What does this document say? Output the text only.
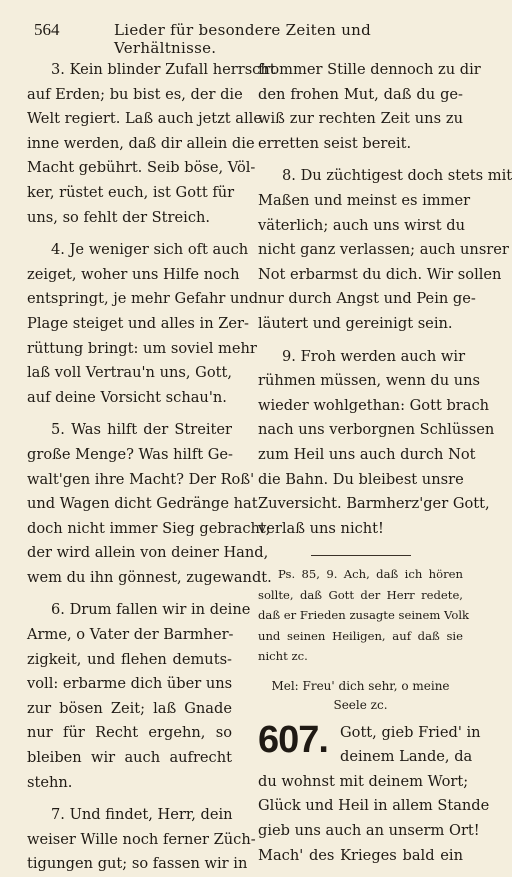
564	Lieder für besondere Zeiten und Verhältnisse.
3. Kein blinder Zufall herrscht
auf Erden; bu bist es, der die
Welt regiert. Laß auch jetzt alle
inne werden, daß dir allein die
Macht gebührt. Seib böse, Völ-
ker, rüstet euch, ist Gott für
uns, so fehlt der Streich.
4. Je weniger sich oft auch
zeiget, woher uns Hilfe noch
entspringt, je mehr Gefahr und
Plage steiget und alles in Zer-
rüttung bringt: um soviel mehr
laß voll Vertrau'n uns, Gott,
auf deine Vorsicht schau'n.
5. Was hilft der Streiter
große Menge? Was hilft Ge-
walt'gen ihre Macht? Der Roß'
und Wagen dicht Gedränge hat
doch nicht immer Sieg gebracht;
der wird allein von deiner Hand,
wem du ihn gönnest, zugewandt.
6. Drum fallen wir in deine
Arme, o Vater der Barmher-
zigkeit, und flehen demuts-
voll: erbarme dich über uns
zur bösen Zeit; laß Gnade
nur für Recht ergehn, so
bleiben wir auch aufrecht
stehn.
7. Und findet, Herr, dein
weiser Wille noch ferner Züch-
tigungen gut; so fassen wir in
frommer Stille dennoch zu dir
den frohen Mut, daß du ge-
wiß zur rechten Zeit uns zu
erretten seist bereit.
8. Du züchtigest doch stets mit
Maßen und meinst es immer
väterlich; auch uns wirst du
nicht ganz verlassen; auch unsrer
Not erbarmst du dich. Wir sollen
nur durch Angst und Pein ge-
läutert und gereinigt sein.
9. Froh werden auch wir
rühmen müssen, wenn du uns
wieder wohlgethan: Gott brach
nach uns verborgnen Schlüssen
zum Heil uns auch durch Not
die Bahn. Du bleibest unsre
Zuversicht. Barmherz'ger Gott,
verlaß uns nicht!
Ps. 85, 9. Ach, daß ich hören
sollte, daß Gott der Herr redete,
daß er Frieden zusagte seinem Volk
und seinen Heiligen, auf daß sie
nicht zc.
Mel: Freu' dich sehr, o meine
Seele zc.
607. Gott, gieb Fried' in
deinem Lande, da
du wohnst mit deinem Wort;
Glück und Heil in allem Stande
gieb uns auch an unserm Ort!
Mach' des Krieges bald ein
